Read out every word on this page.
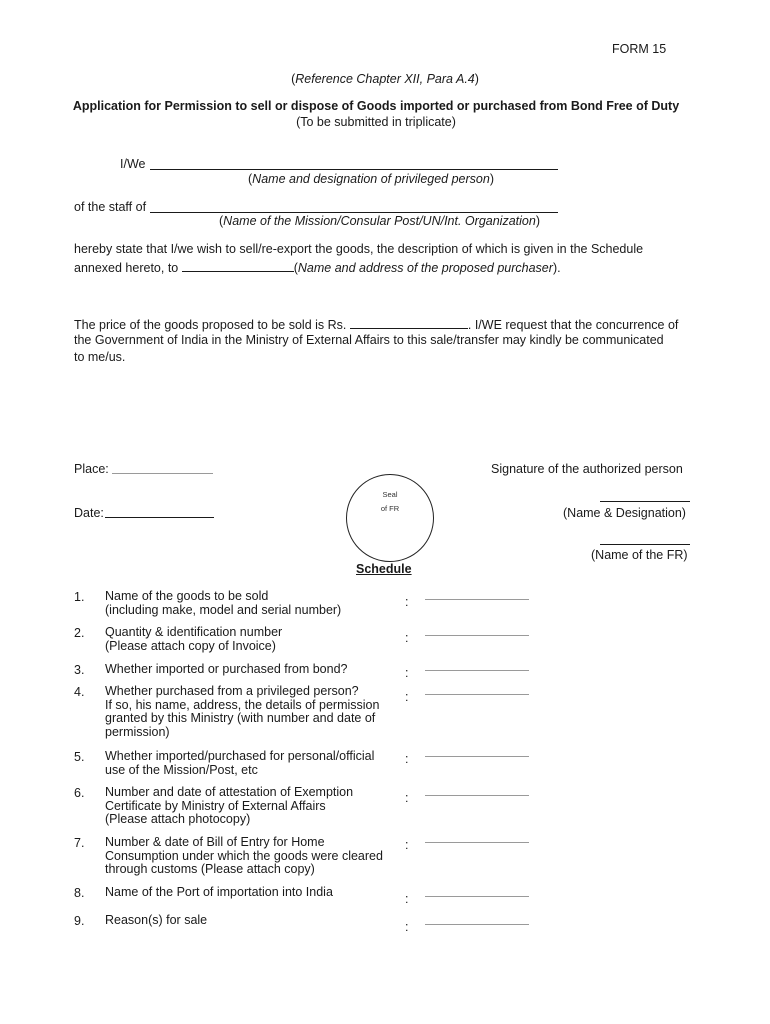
FORM 15
(Reference Chapter XII, Para A.4)
Application for Permission to sell or dispose of Goods imported or purchased from Bond Free of Duty
(To be submitted in triplicate)
I/We
(Name and designation of privileged person)
of the staff of
(Name of the Mission/Consular Post/UN/Int. Organization)
hereby state that I/we wish to sell/re-export the goods, the description of which is given in the Schedule
annexed hereto, to	(Name and address of the proposed purchaser).
The price of the goods proposed to be sold is Rs.	. I/WE request that the concurrence of
the Government of India in the Ministry of External Affairs to this sale/transfer may kindly be communicated
to me/us.
Place:	Signature of the authorized person
Seal
of FR
Date:	(Name & Designation)
(Name of the FR)
Schedule
1. Name of the goods to be sold
(including make, model and serial number)
:
2. Quantity & identification number
(Please attach copy of Invoice)
:
3. Whether imported or purchased from bond?	:
4. Whether purchased from a privileged person?
If so, his name, address, the details of permission
granted by this Ministry (with number and date of
permission)
:
5. Whether imported/purchased for personal/official
use of the Mission/Post, etc
:
6. Number and date of attestation of Exemption
Certificate by Ministry of External Affairs
(Please attach photocopy)
:
7. Number & date of Bill of Entry for Home
Consumption under which the goods were cleared
through customs (Please attach copy)
:
8. Name of the Port of importation into India	:
9. Reason(s) for sale	:
